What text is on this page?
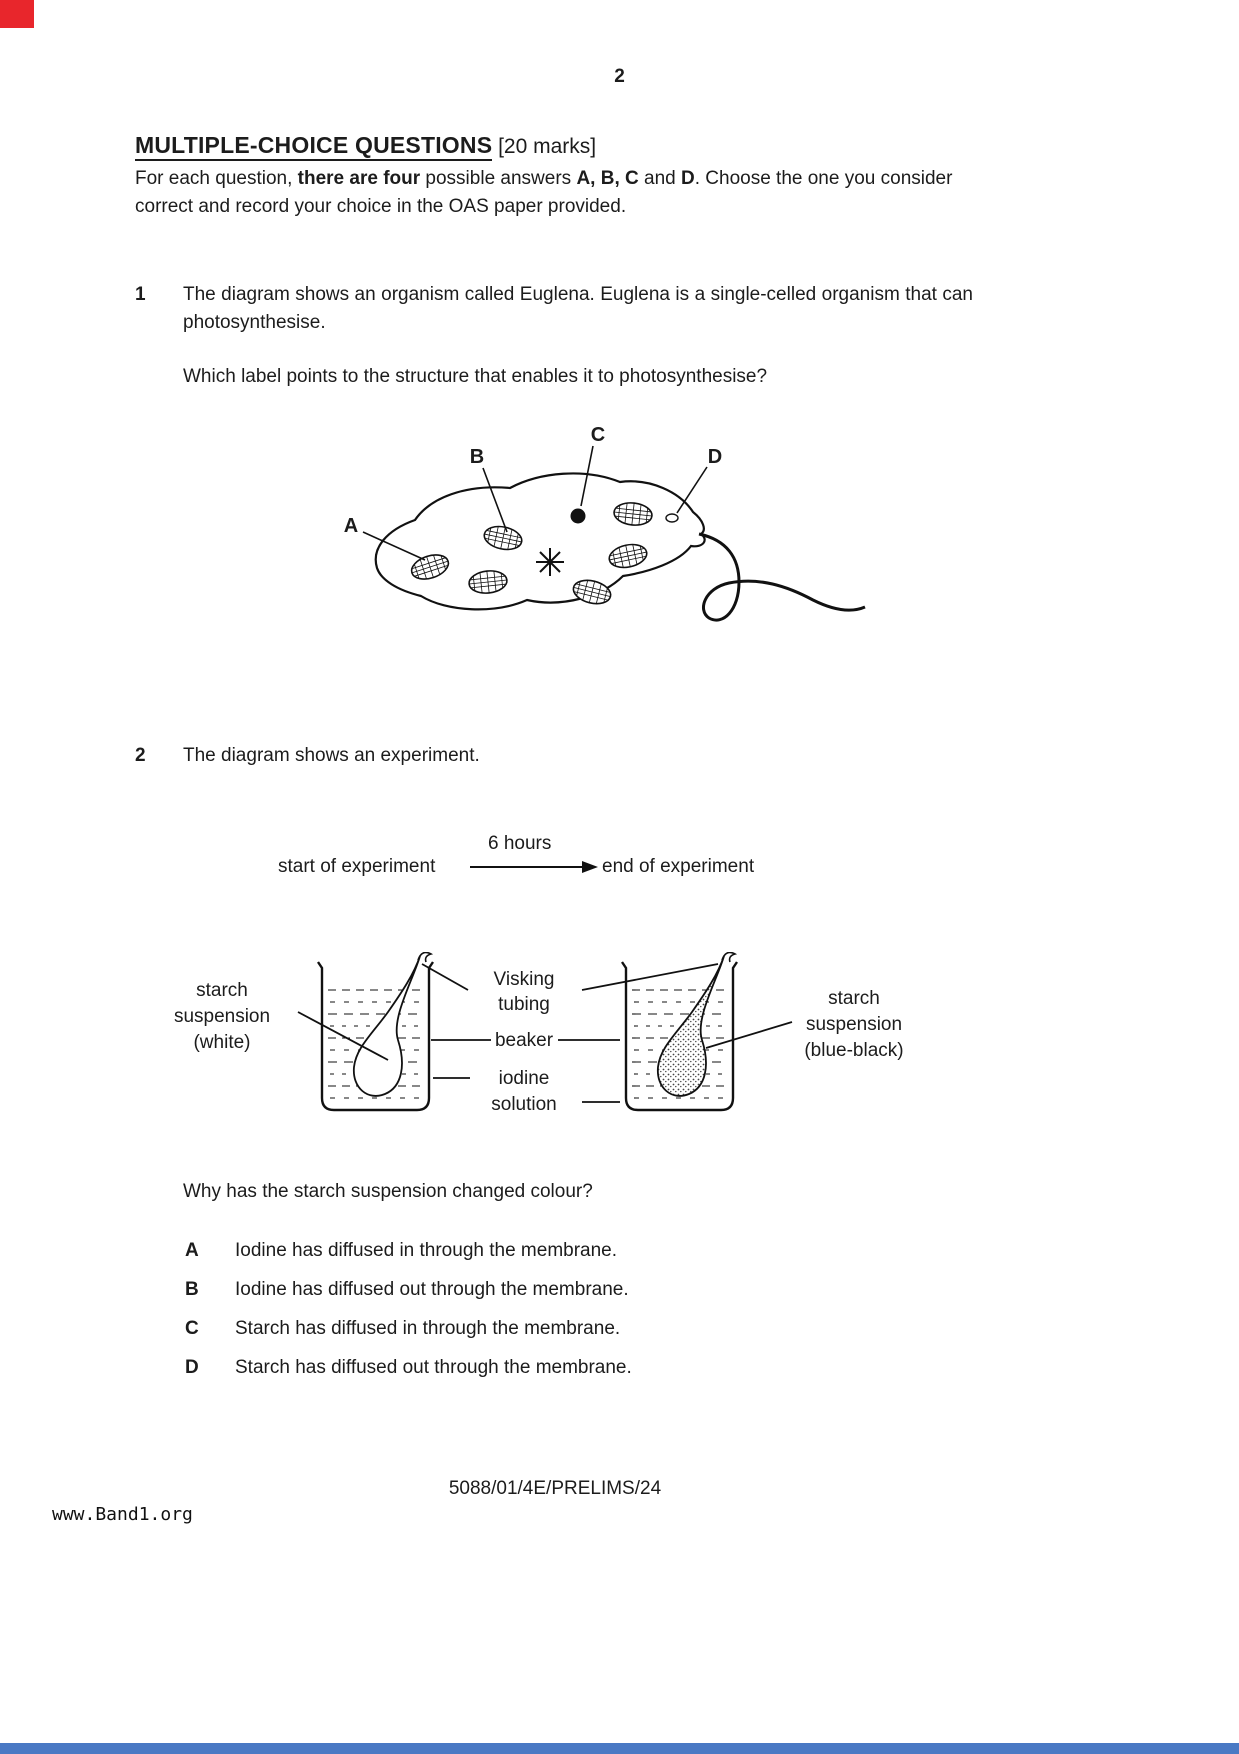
2
MULTIPLE-CHOICE QUESTIONS [20 marks]
For each question, there are four possible answers A, B, C and D. Choose the one you consider correct and record your choice in the OAS paper provided.
1	The diagram shows an organism called Euglena. Euglena is a single-celled organism that can photosynthesise.
Which label points to the structure that enables it to photosynthesise?
A
B
C
D
2	The diagram shows an experiment.
start of experiment
6 hours
end of experiment
starch
suspension
(white)
Visking
tubing
beaker
iodine
solution
starch
suspension
(blue-black)
Why has the starch suspension changed colour?
A	Iodine has diffused in through the membrane.
B	Iodine has diffused out through the membrane.
C	Starch has diffused in through the membrane.
D	Starch has diffused out through the membrane.
5088/01/4E/PRELIMS/24
www.Band1.org
